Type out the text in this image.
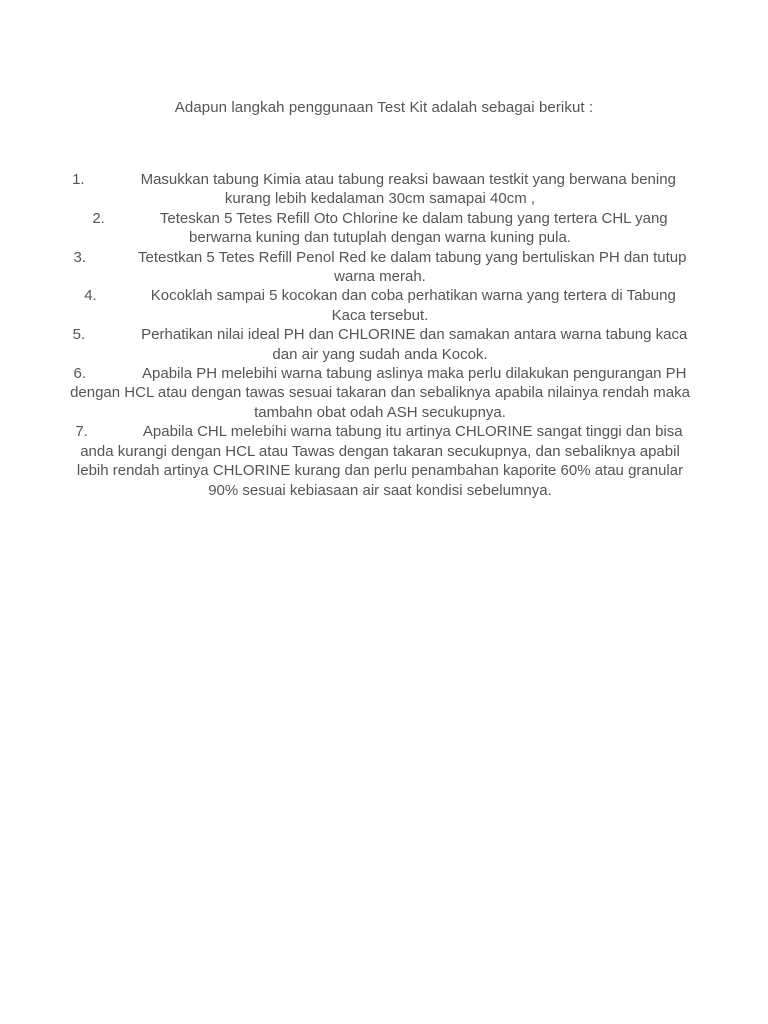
Adapun langkah penggunaan Test Kit adalah sebagai berikut :
1.	Masukkan tabung Kimia atau tabung reaksi bawaan testkit yang berwana bening kurang lebih kedalaman 30cm samapai 40cm ,
2.	Teteskan 5 Tetes Refill Oto Chlorine ke dalam tabung yang tertera CHL yang berwarna kuning dan tutuplah dengan warna kuning pula.
3.	Tetestkan 5 Tetes Refill Penol Red ke dalam tabung yang bertuliskan PH dan tutup warna merah.
4.	Kocoklah sampai 5 kocokan dan coba perhatikan warna yang tertera di Tabung Kaca tersebut.
5.	Perhatikan nilai ideal PH dan CHLORINE dan samakan antara warna tabung kaca dan air yang sudah anda Kocok.
6.	Apabila PH melebihi warna tabung aslinya maka perlu dilakukan pengurangan PH dengan HCL atau dengan tawas sesuai takaran dan sebaliknya apabila nilainya rendah maka tambahn obat odah ASH secukupnya.
7.	Apabila CHL melebihi warna tabung itu artinya CHLORINE sangat tinggi dan bisa anda kurangi dengan HCL atau Tawas dengan takaran secukupnya, dan sebaliknya apabil lebih rendah artinya CHLORINE kurang dan perlu penambahan kaporite 60% atau granular 90% sesuai kebiasaan air saat kondisi sebelumnya.
